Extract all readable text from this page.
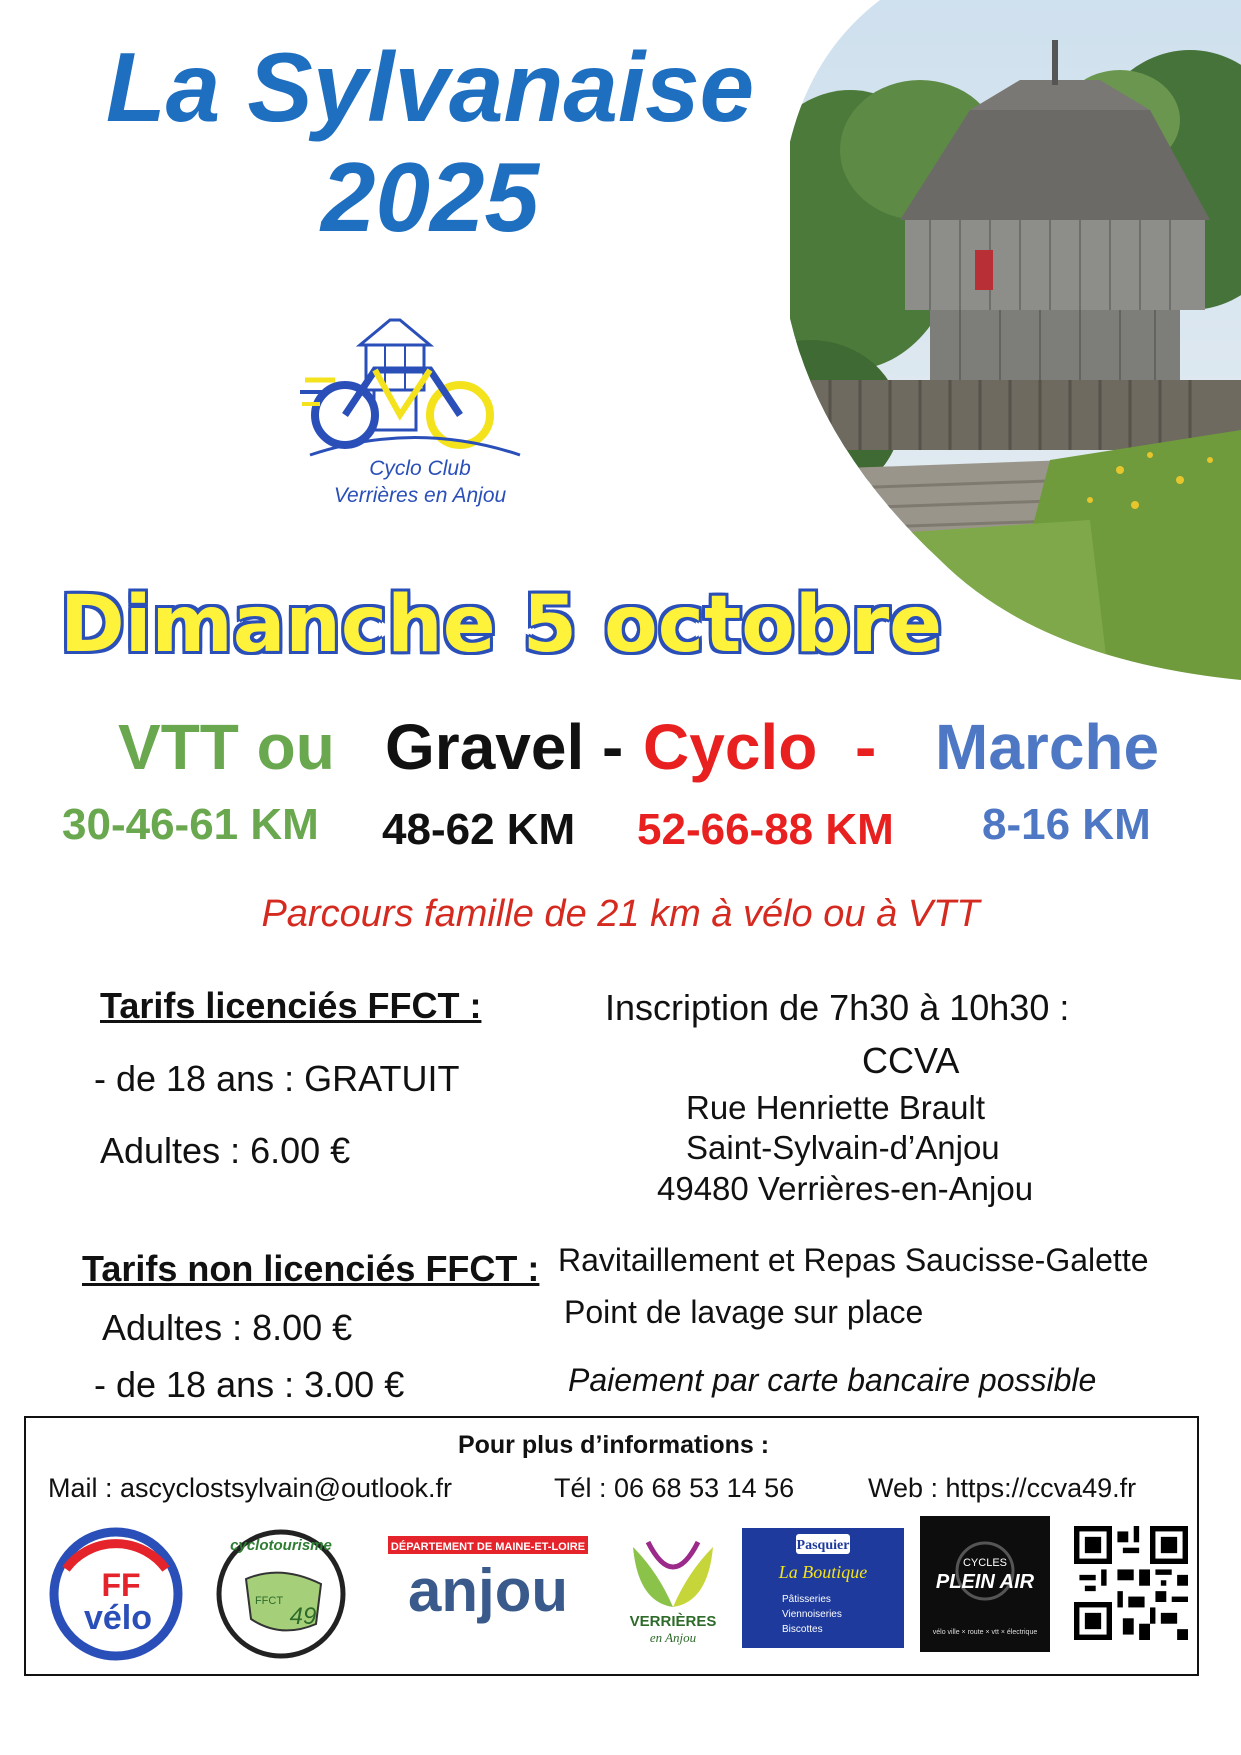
La Sylvanaise
2025
Cyclo Club
Verrières en Anjou
Dimanche 5 octobre
VTT ou Gravel - Cyclo - Marche
30-46-61 KM 48-62 KM 52-66-88 KM 8-16 KM
Parcours famille de 21 km à vélo ou à VTT
Tarifs licenciés FFCT :
- de 18 ans : GRATUIT
Adultes : 6.00 €
Tarifs non licenciés FFCT :
Adultes : 8.00 €
- de 18 ans : 3.00 €
Inscription de 7h30 à 10h30 :
CCVA
Rue Henriette Brault
Saint-Sylvain-d’Anjou
49480 Verrières-en-Anjou
Ravitaillement et Repas Saucisse-Galette
Point de lavage sur place
Paiement par carte bancaire possible
Pour plus d’informations :
Mail : ascyclostsylvain@outlook.fr	Tél : 06 68 53 14 56	Web : https://ccva49.fr
FF
vélo
cyclotourisme
49
FFCT
DÉPARTEMENT DE MAINE-ET-LOIRE
anjou	VERRIÈRES
en Anjou
Pasquier
La Boutique
Pâtisseries
Viennoiseries
Biscottes
CYCLES
PLEIN AIR
vélo ville × route × vtt × électrique
